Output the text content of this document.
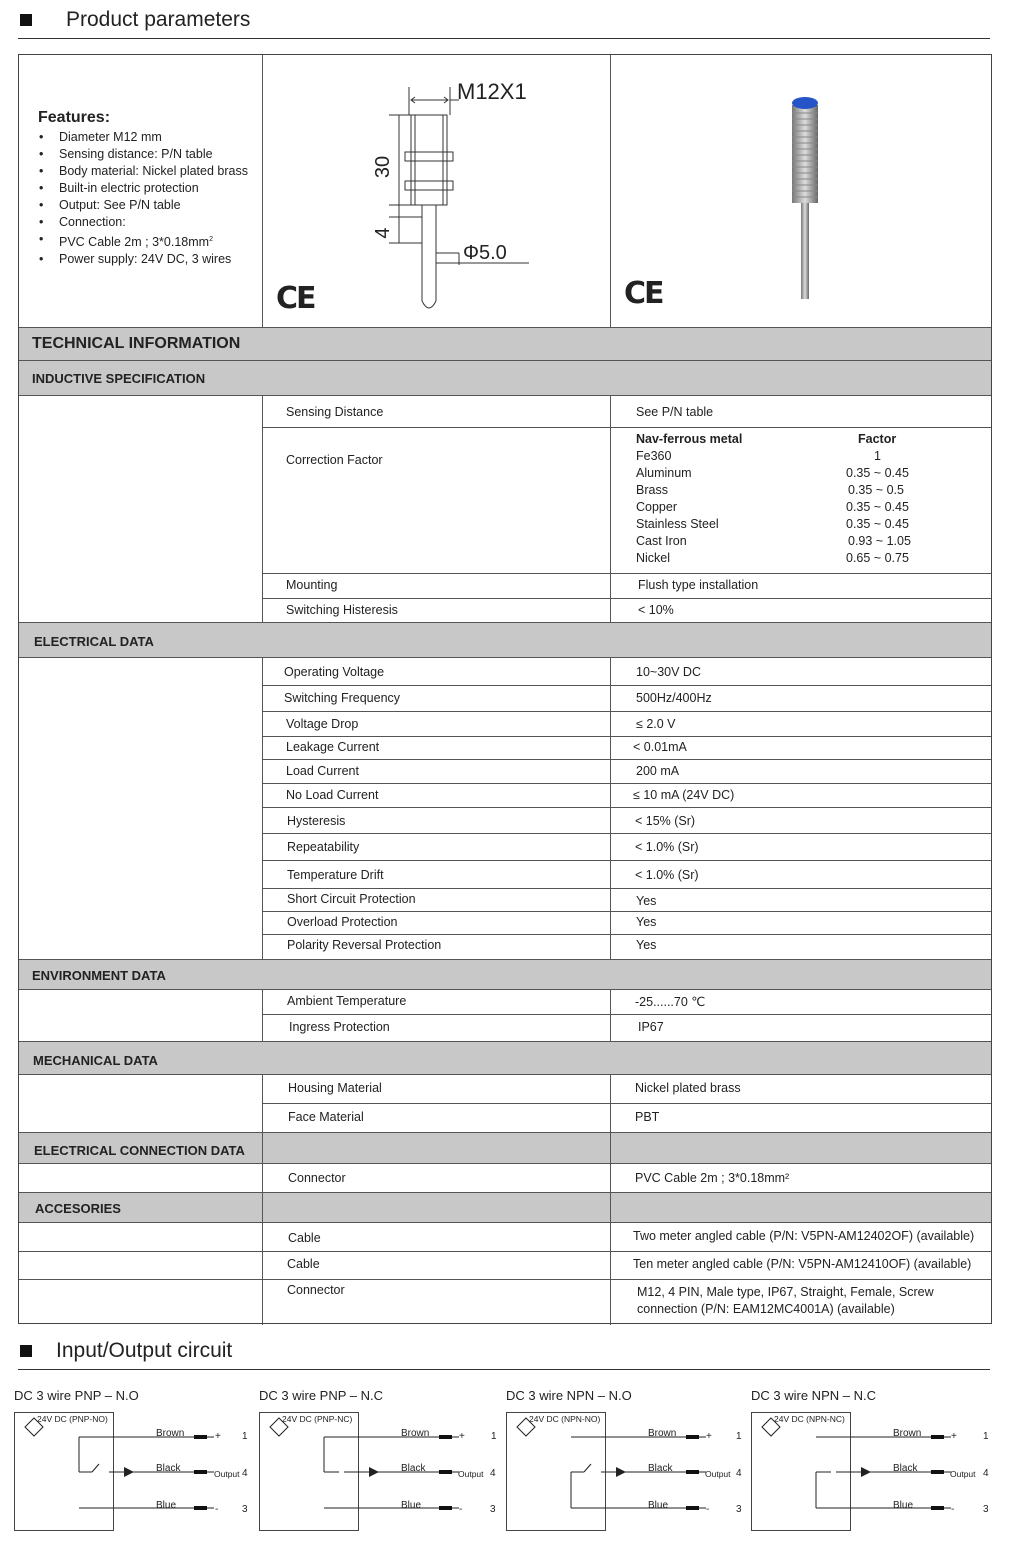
Product parameters
Features:
• Diameter M12 mm
• Sensing distance: P/N table
• Body material: Nickel plated brass
• Built-in electric protection
• Output: See P/N table
• Connection:
• PVC Cable 2m ; $3*0.18mm^2$
• Power supply: 24V DC, 3 wires
CE
M12X1
30
4
Φ5.0
CE
TECHNICAL INFORMATION
INDUCTIVE SPECIFICATION
Sensing Distance	See P/N table
Correction Factor
Nav-ferrous metal	Factor
Fe360	1
Aluminum	0.35 ~ 0.45
Brass	0.35 ~ 0.5
Copper	0.35 ~ 0.45
Stainless Steel	0.35 ~ 0.45
Cast Iron	0.93 ~ 1.05
Nickel	0.65 ~ 0.75
Mounting	Flush type installation
Switching Histeresis	< 10%
ELECTRICAL DATA
Operating Voltage	10~30V DC
Switching Frequency	500Hz/400Hz
Voltage Drop	≤ 2.0 V
Leakage Current	< 0.01mA
Load Current	200 mA
No Load Current	≤ 10 mA (24V DC)
Hysteresis	< 15% (Sr)
Repeatability	< 1.0% (Sr)
Temperature Drift	< 1.0% (Sr)
Short Circuit Protection	Yes
Overload Protection	Yes
Polarity Reversal Protection	Yes
ENVIRONMENT DATA
Ambient Temperature	-25......70 ℃
Ingress Protection	IP67
MECHANICAL DATA
Housing Material	Nickel plated brass
Face Material	PBT
ELECTRICAL CONNECTION DATA
Connector	PVC Cable 2m ; 3*0.18mm²
ACCESORIES
Cable	Two meter angled cable (P/N: V5PN-AM12402OF) (available)
Cable	Ten meter angled cable (P/N: V5PN-AM12410OF) (available)
Connector	M12, 4 PIN, Male type, IP67, Straight, Female, Screw
connection (P/N: EAM12MC4001A) (available)
Input/Output circuit
DC 3 wire PNP – N.O
24V DC (PNP-NO)
Brown
Black
Blue
+ 1
Output 4
- 3
DC 3 wire PNP – N.C
24V DC (PNP-NC)
Brown
Black
Blue
+	1
Output 4
-	3
DC 3 wire NPN – N.O
24V DC (NPN-NO)
Brown
Black
Blue
+ 1
Output 4
-	3
DC 3 wire NPN – N.C
24V DC (NPN-NC)
Brown
Black
Blue
+	1
Output 4
-	3
